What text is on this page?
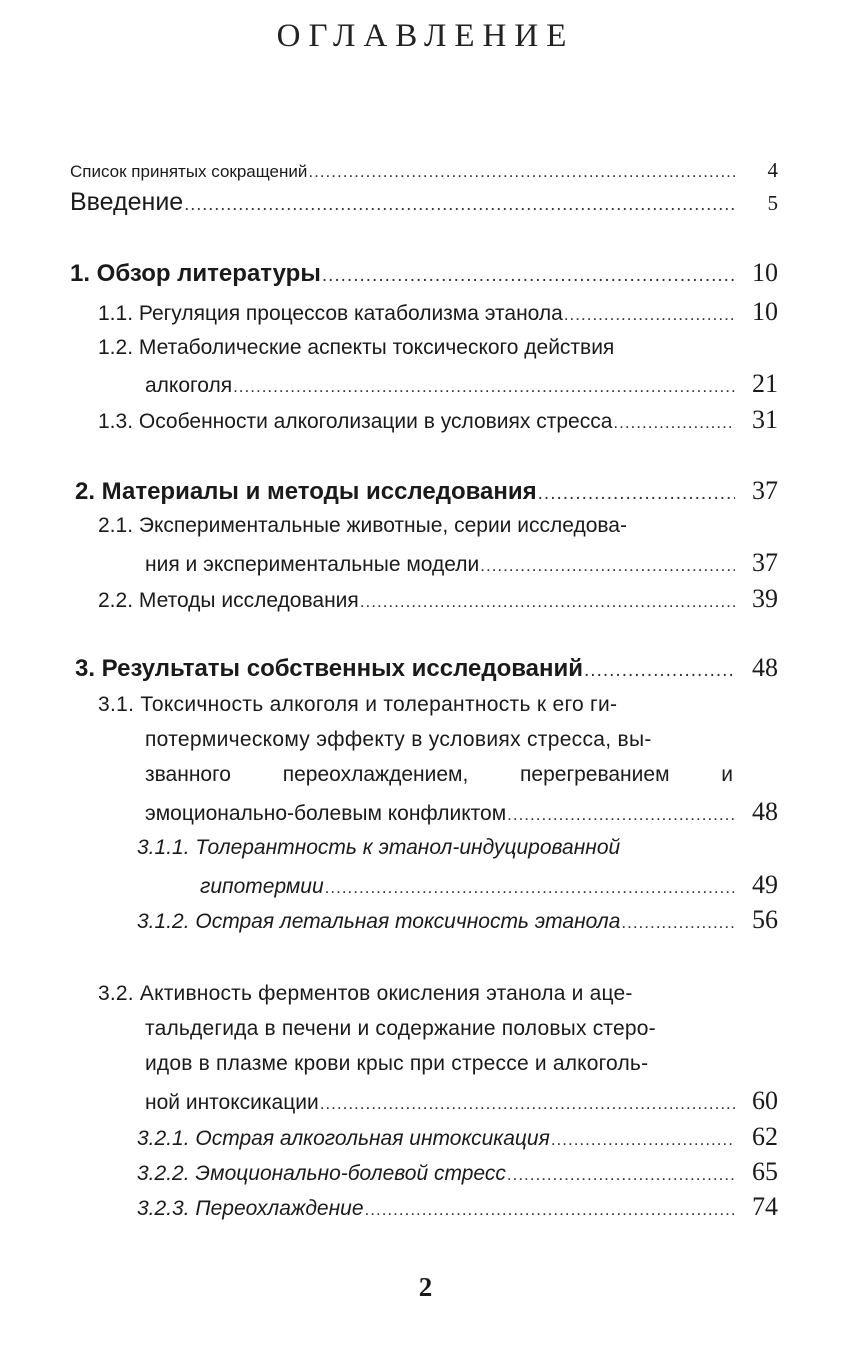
ОГЛАВЛЕНИЕ
Список принятых сокращений .....	4
Введение .....	5
1. Обзор литературы .....	10
1.1. Регуляция процессов катаболизма этанола .....	10
1.2. Метаболические аспекты токсического действия
алкоголя .....	21
1.3. Особенности алкоголизации в условиях стресса .....	31
2. Материалы и методы исследования .....	37
2.1. Экспериментальные животные, серии исследова-
ния и экспериментальные модели .....	37
2.2. Методы исследования .....	39
3. Результаты собственных исследований .....	48
3.1. Токсичность алкоголя и толерантность к его ги-
потермическому эффекту в условиях стресса, вы-
званного переохлаждением, перегреванием и
эмоционально-болевым конфликтом .....	48
3.1.1. Толерантность к этанол-индуцированной
гипотермии .....	49
3.1.2. Острая летальная токсичность этанола .....	56
3.2. Активность ферментов окисления этанола и аце-
тальдегида в печени и содержание половых стеро-
идов в плазме крови крыс при стрессе и алкоголь-
ной интоксикации .....	60
3.2.1. Острая алкогольная интоксикация .....	62
3.2.2. Эмоционально-болевой стресс .....	65
3.2.3. Переохлаждение .....	74
2
